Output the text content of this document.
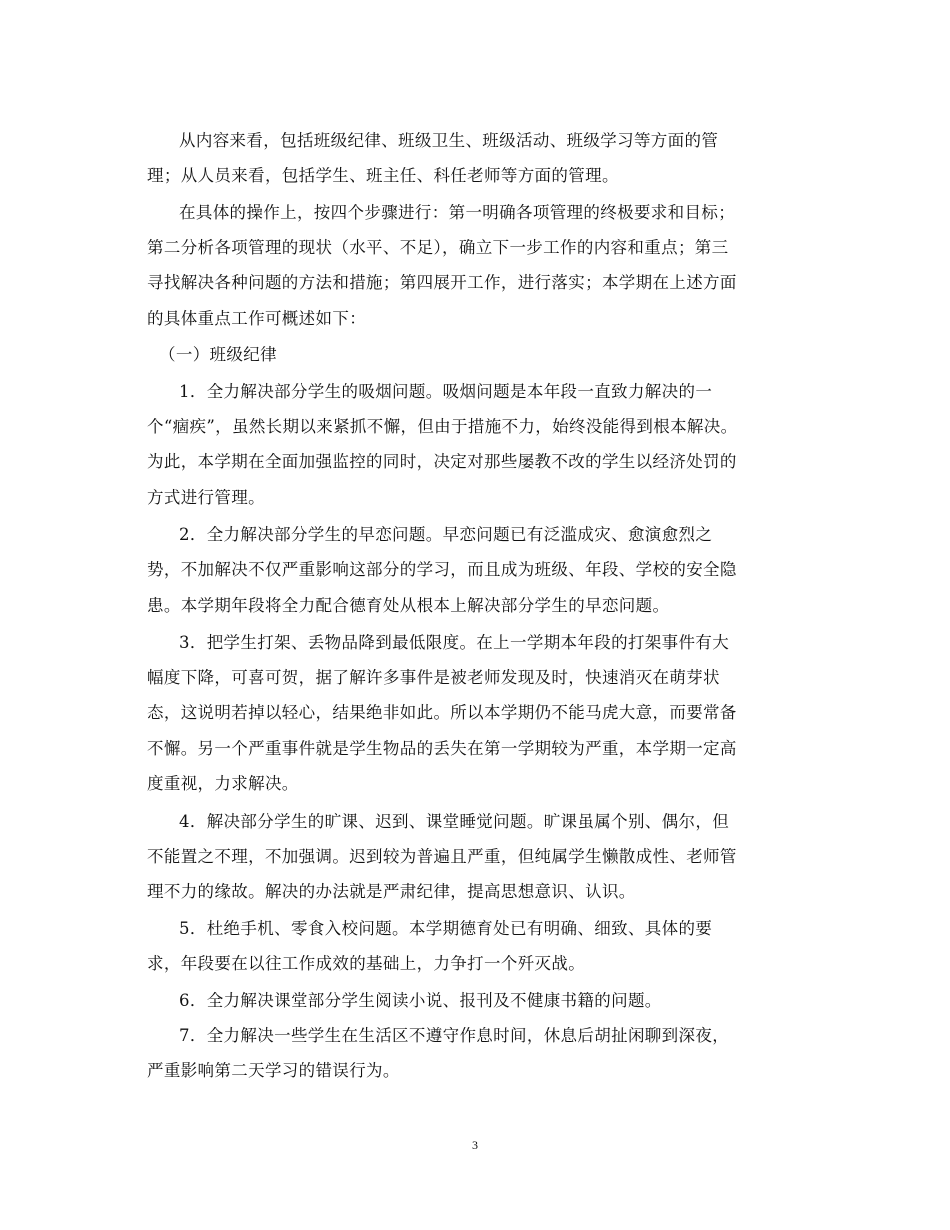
从内容来看，包括班级纪律、班级卫生、班级活动、班级学习等方面的管
理；从人员来看，包括学生、班主任、科任老师等方面的管理。
在具体的操作上，按四个步骤进行：第一明确各项管理的终极要求和目标；
第二分析各项管理的现状（水平、不足），确立下一步工作的内容和重点；第三
寻找解决各种问题的方法和措施；第四展开工作，进行落实；本学期在上述方面
的具体重点工作可概述如下：
（一）班级纪律
1．全力解决部分学生的吸烟问题。吸烟问题是本年段一直致力解决的一
个“痼疾”，虽然长期以来紧抓不懈，但由于措施不力，始终没能得到根本解决。
为此，本学期在全面加强监控的同时，决定对那些屡教不改的学生以经济处罚的
方式进行管理。
2．全力解决部分学生的早恋问题。早恋问题已有泛滥成灾、愈演愈烈之
势，不加解决不仅严重影响这部分的学习，而且成为班级、年段、学校的安全隐
患。本学期年段将全力配合德育处从根本上解决部分学生的早恋问题。
3．把学生打架、丢物品降到最低限度。在上一学期本年段的打架事件有大
幅度下降，可喜可贺，据了解许多事件是被老师发现及时，快速消灭在萌芽状
态，这说明若掉以轻心，结果绝非如此。所以本学期仍不能马虎大意，而要常备
不懈。另一个严重事件就是学生物品的丢失在第一学期较为严重，本学期一定高
度重视，力求解决。
4．解决部分学生的旷课、迟到、课堂睡觉问题。旷课虽属个别、偶尔，但
不能置之不理，不加强调。迟到较为普遍且严重，但纯属学生懒散成性、老师管
理不力的缘故。解决的办法就是严肃纪律，提高思想意识、认识。
5．杜绝手机、零食入校问题。本学期德育处已有明确、细致、具体的要
求，年段要在以往工作成效的基础上，力争打一个歼灭战。
6．全力解决课堂部分学生阅读小说、报刊及不健康书籍的问题。
7．全力解决一些学生在生活区不遵守作息时间，休息后胡扯闲聊到深夜，
严重影响第二天学习的错误行为。
3
